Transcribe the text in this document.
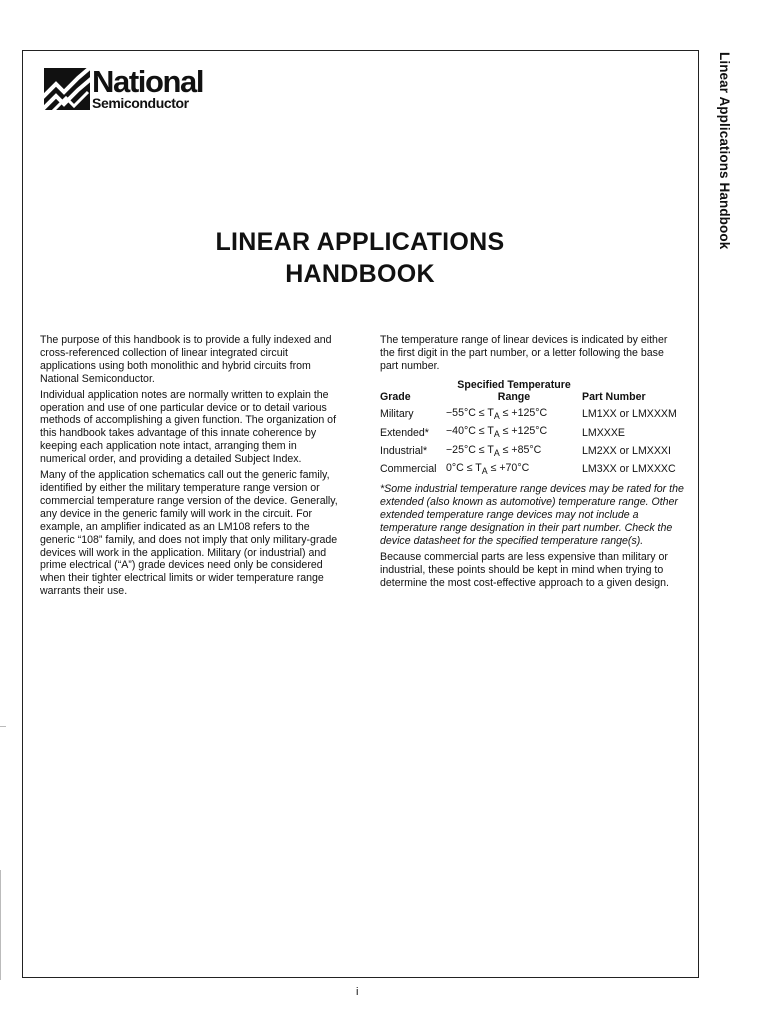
Linear Applications Handbook
National
Semiconductor
LINEAR APPLICATIONS
HANDBOOK

The purpose of this handbook is to provide a fully indexed and cross-referenced collection of linear integrated circuit applications using both monolithic and hybrid circuits from National Semiconductor.

Individual application notes are normally written to explain the operation and use of one particular device or to detail various methods of accomplishing a given function. The organization of this handbook takes advantage of this innate coherence by keeping each application note intact, arranging them in numerical order, and providing a detailed Subject Index.

Many of the application schematics call out the generic family, identified by either the military temperature range version or commercial temperature range version of the device. Generally, any device in the generic family will work in the circuit. For example, an amplifier indicated as an LM108 refers to the generic “108” family, and does not imply that only military-grade devices will work in the application. Military (or industrial) and prime electrical (“A”) grade devices need only be considered when their tighter electrical limits or wider temperature range warrants their use.

The temperature range of linear devices is indicated by either the first digit in the part number, or a letter following the base part number.

Grade	Specified Temperature Range	Part Number
Military	$-55^\circ C \le T_A \le +125^\circ C$	LM1XX or LMXXXM
Extended*	$-40^\circ C \le T_A \le +125^\circ C$	LMXXXE
Industrial*	$-25^\circ C \le T_A \le +85^\circ C$	LM2XX or LMXXXI
Commercial	$0^\circ C \le T_A \le +70^\circ C$	LM3XX or LMXXXC

*Some industrial temperature range devices may be rated for the extended (also known as automotive) temperature range. Other extended temperature range devices may not include a temperature range designation in their part number. Check the device datasheet for the specified temperature range(s).

Because commercial parts are less expensive than military or industrial, these points should be kept in mind when trying to determine the most cost-effective approach to a given design.

i
